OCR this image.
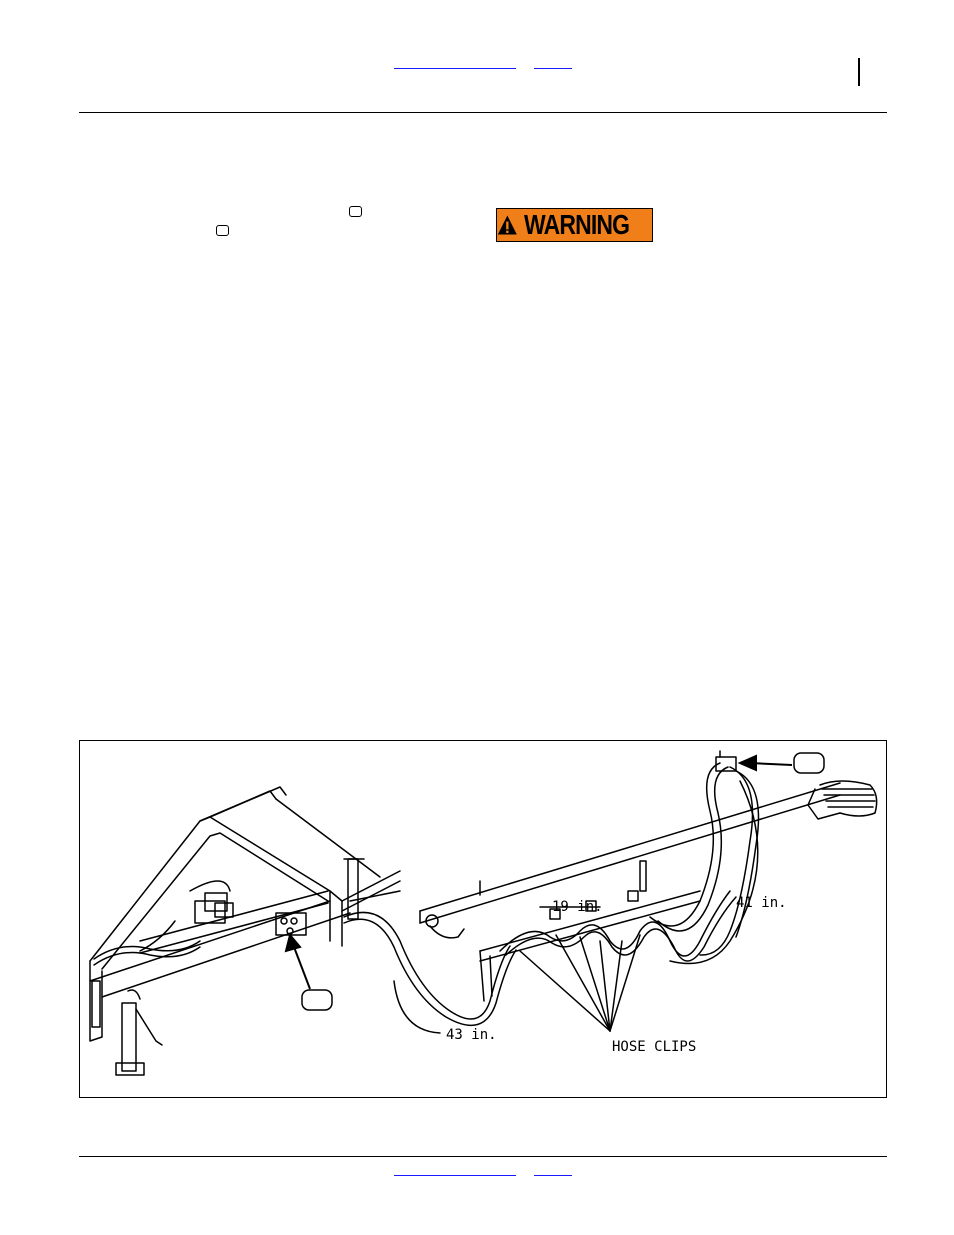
WARNING
19 in.	41 in.
43 in.
HOSE CLIPS
